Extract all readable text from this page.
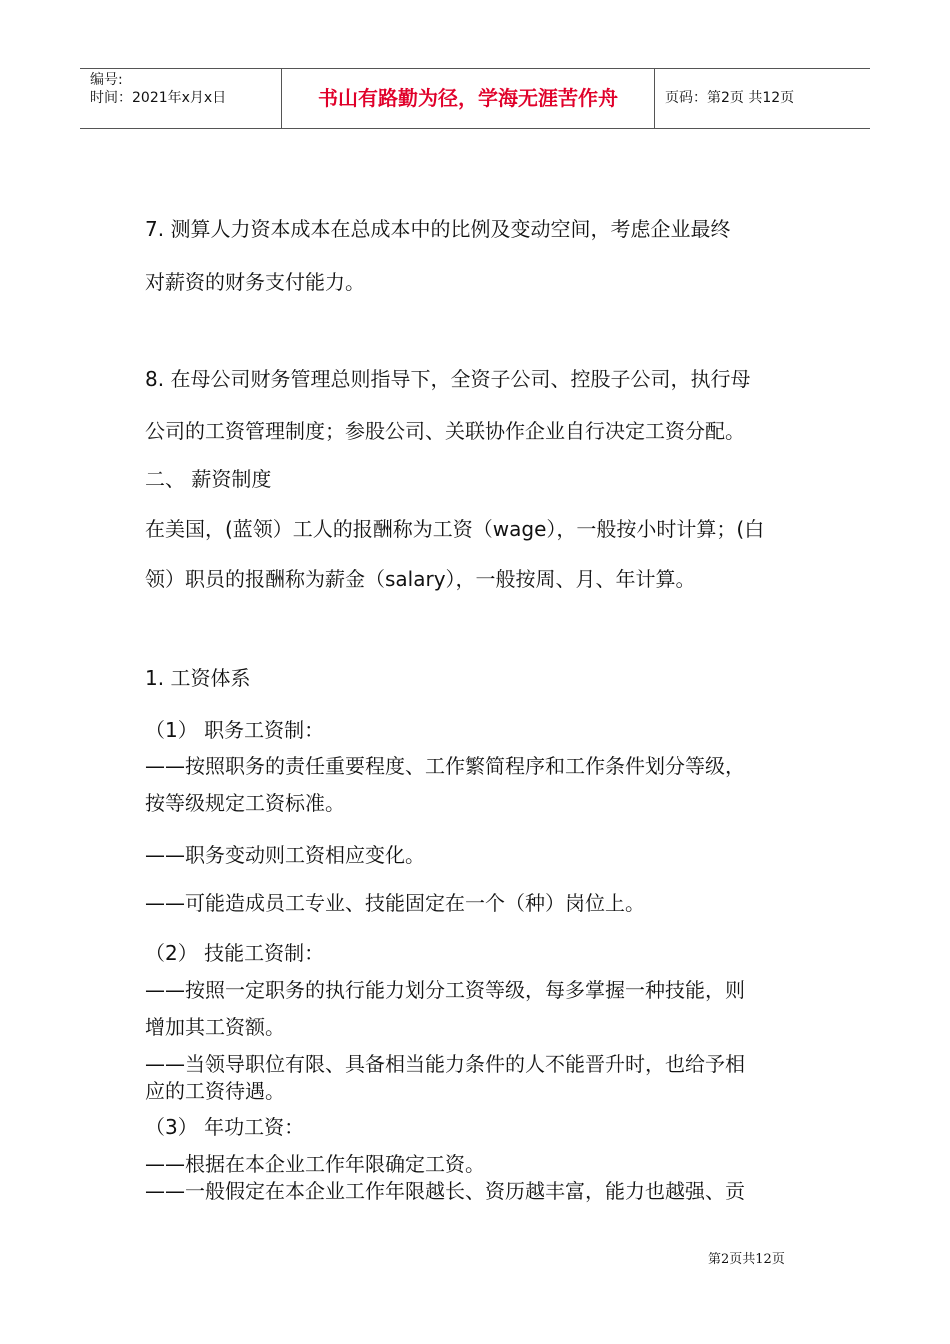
编号:
时间：2021年x月x日	书山有路勤为径，学海无涯苦作舟	页码：第2页 共12页
7. 测算人力资本成本在总成本中的比例及变动空间，考虑企业最终
对薪资的财务支付能力。
8. 在母公司财务管理总则指导下，全资子公司、控股子公司，执行母
公司的工资管理制度；参股公司、关联协作企业自行决定工资分配。
二、 薪资制度
在美国，(蓝领）工人的报酬称为工资（wage），一般按小时计算；(白
领）职员的报酬称为薪金（salary），一般按周、月、年计算。
1. 工资体系
（1） 职务工资制：
——按照职务的责任重要程度、工作繁简程序和工作条件划分等级，
按等级规定工资标准。
——职务变动则工资相应变化。
——可能造成员工专业、技能固定在一个（种）岗位上。
（2） 技能工资制：
——按照一定职务的执行能力划分工资等级，每多掌握一种技能，则
增加其工资额。
——当领导职位有限、具备相当能力条件的人不能晋升时，也给予相
应的工资待遇。
（3） 年功工资：
——根据在本企业工作年限确定工资。
——一般假定在本企业工作年限越长、资历越丰富，能力也越强、贡
第2页共12页
